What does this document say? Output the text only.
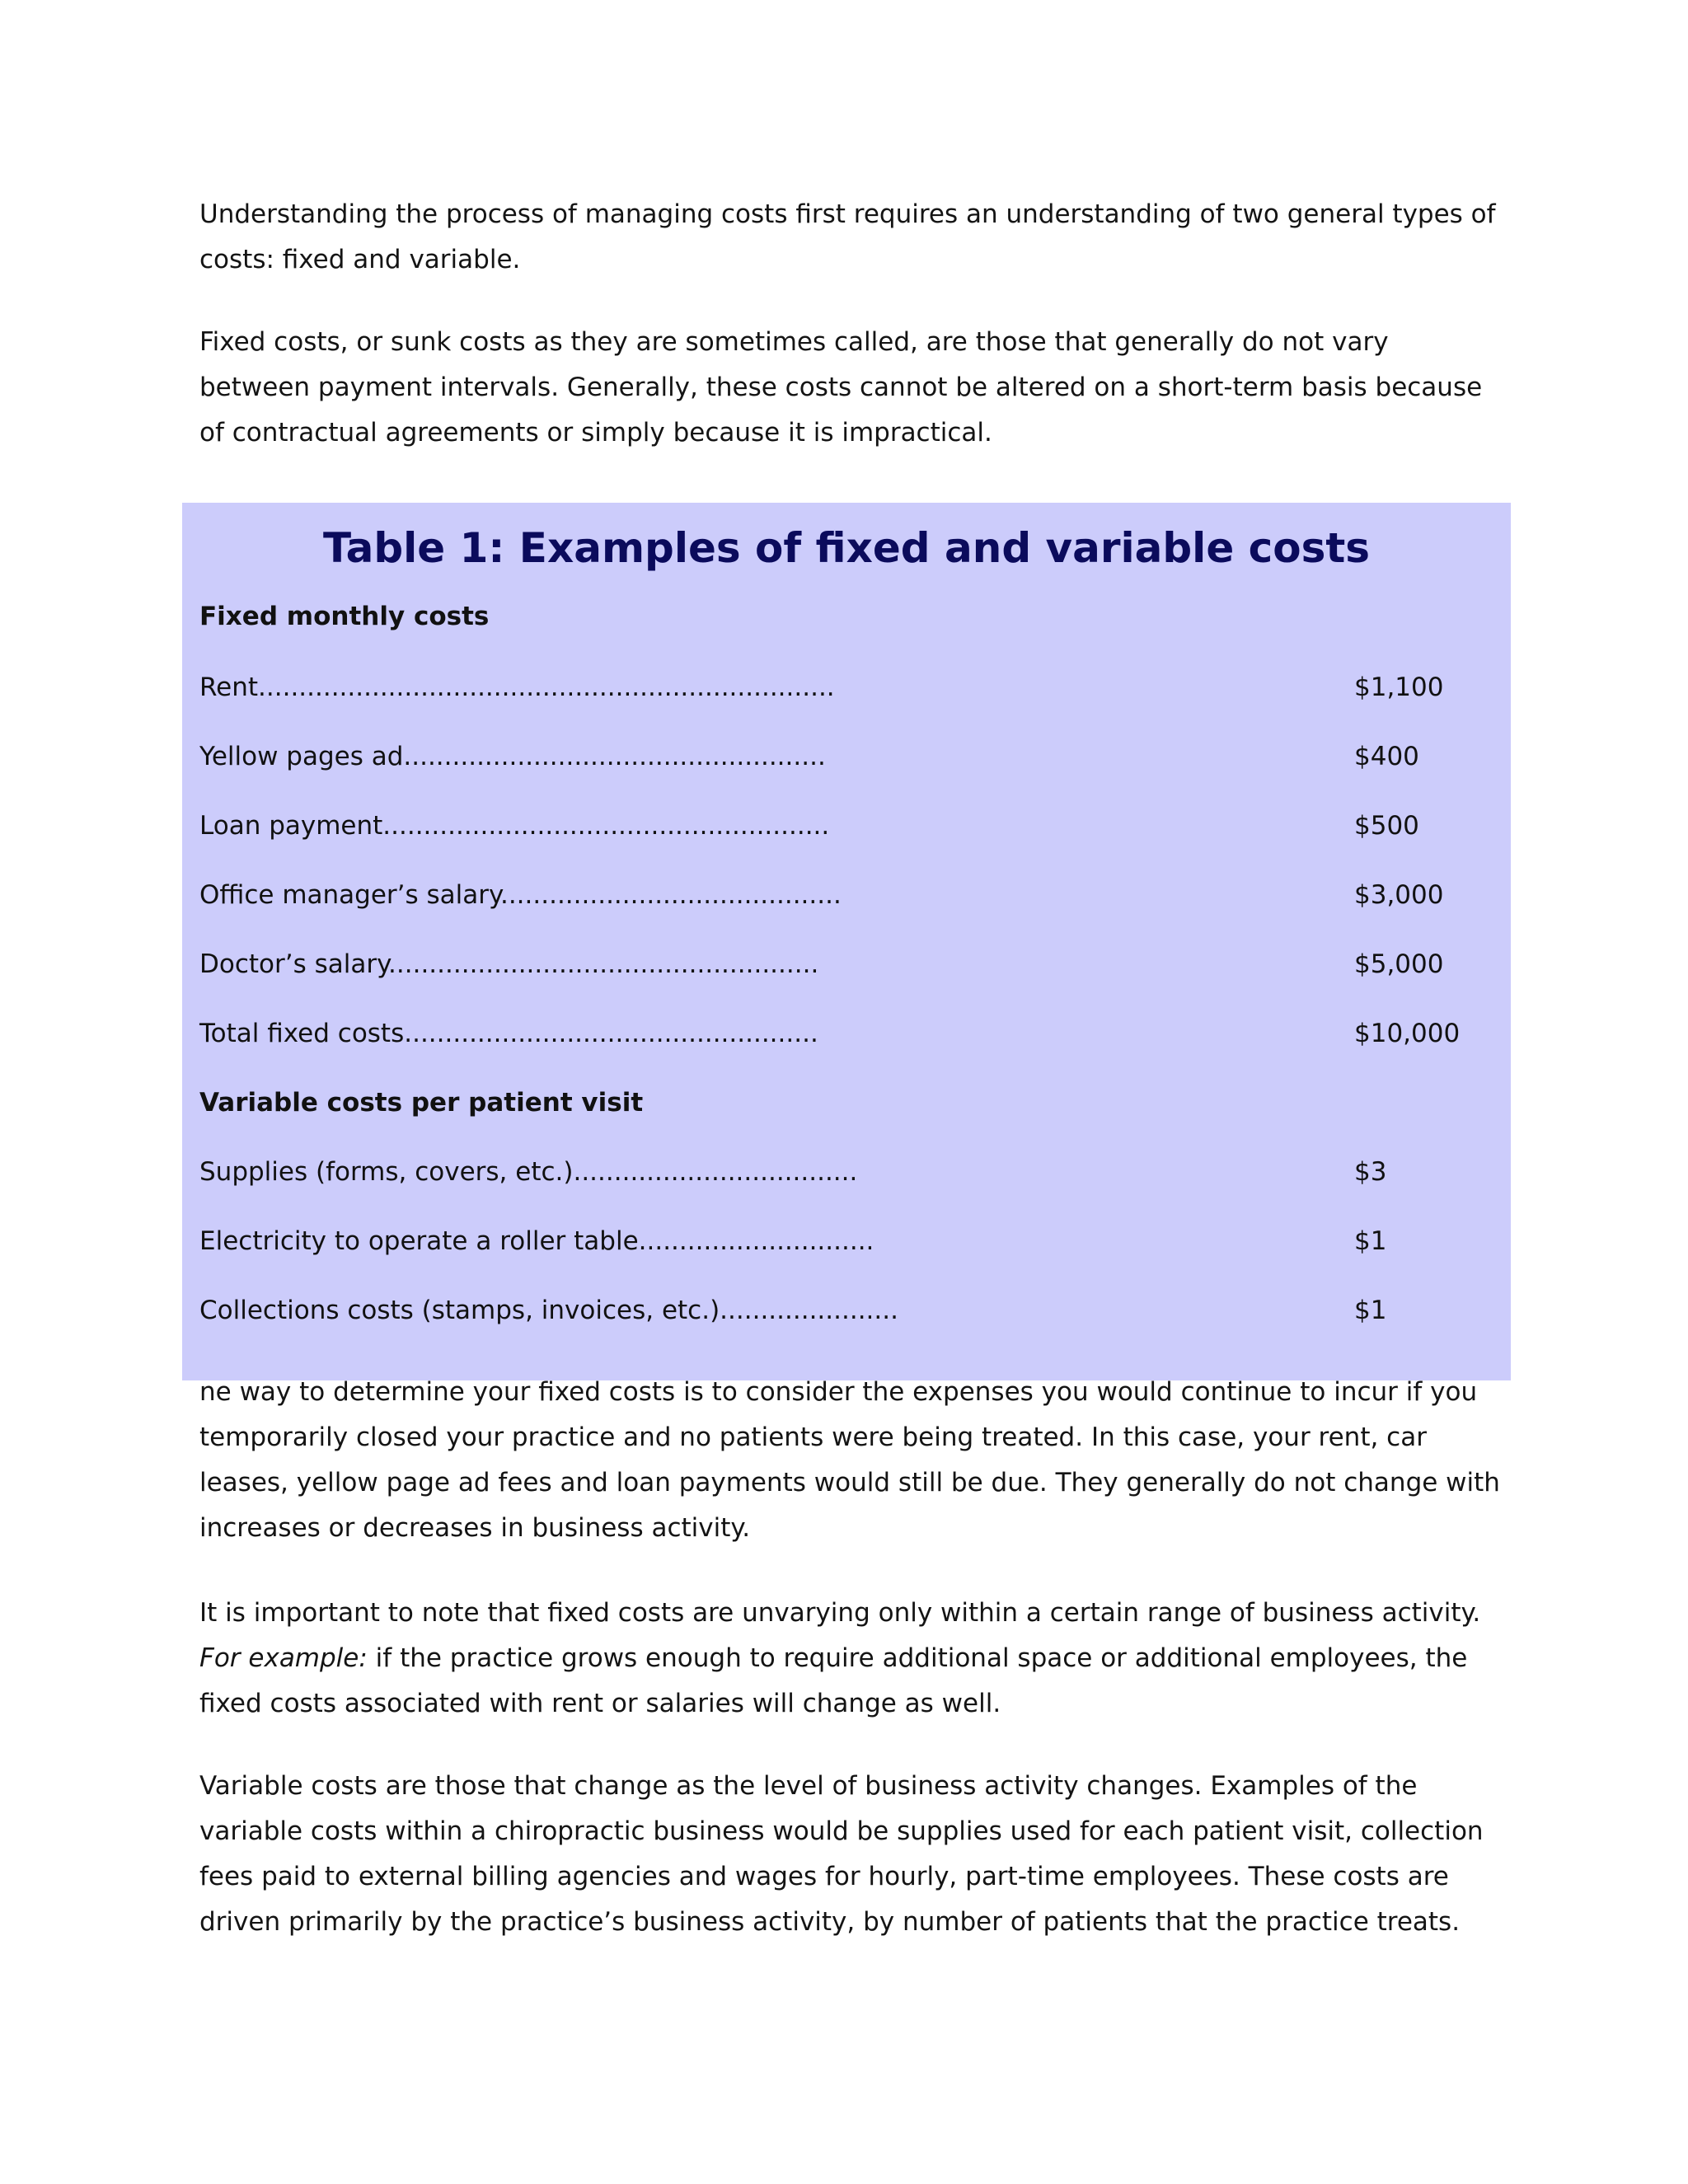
Understanding the process of managing costs first requires an understanding of two general types of costs: fixed and variable.

Fixed costs, or sunk costs as they are sometimes called, are those that generally do not vary between payment intervals. Generally, these costs cannot be altered on a short-term basis because of contractual agreements or simply because it is impractical.

Table 1: Examples of fixed and variable costs
Fixed monthly costs
Rent.......................................................................	$1,100
Yellow pages ad....................................................	$400
Loan payment.......................................................	$500
Office manager’s salary..........................................	$3,000
Doctor’s salary.....................................................	$5,000
Total fixed costs...................................................	$10,000
Variable costs per patient visit
Supplies (forms, covers, etc.)...................................	$3
Electricity to operate a roller table.............................	$1
Collections costs (stamps, invoices, etc.)......................	$1

ne way to determine your fixed costs is to consider the expenses you would continue to incur if you temporarily closed your practice and no patients were being treated. In this case, your rent, car leases, yellow page ad fees and loan payments would still be due. They generally do not change with increases or decreases in business activity.

It is important to note that fixed costs are unvarying only within a certain range of business activity. For example: if the practice grows enough to require additional space or additional employees, the fixed costs associated with rent or salaries will change as well.

Variable costs are those that change as the level of business activity changes. Examples of the variable costs within a chiropractic business would be supplies used for each patient visit, collection fees paid to external billing agencies and wages for hourly, part-time employees. These costs are driven primarily by the practice’s business activity, by number of patients that the practice treats.
